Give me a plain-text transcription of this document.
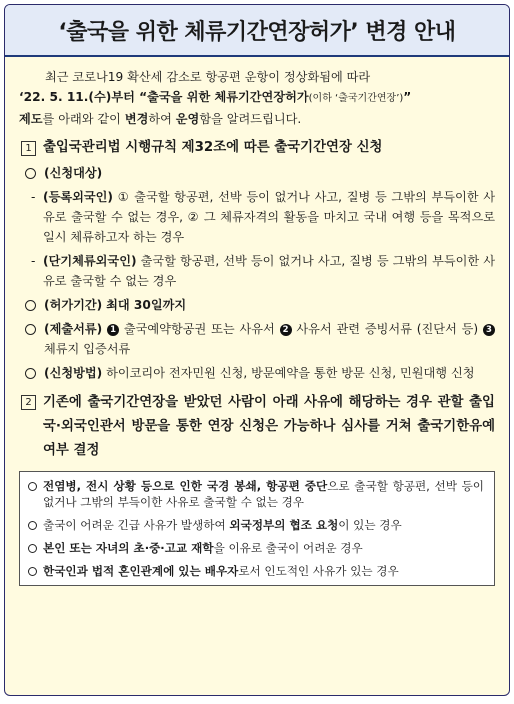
‘출국을 위한 체류기간연장허가’ 변경 안내

최근 코로나19 확산세 감소로 항공편 운항이 정상화됨에 따라

‘22. 5. 11.(수)부터 “출국을 위한 체류기간연장허가(이하 ‘출국기간연장’)”

제도를 아래와 같이 변경하여 운영함을 알려드립니다.

1 출입국관리법 시행규칙 제32조에 따른 출국기간연장 신청
(신청대상)
- (등록외국인) ① 출국할 항공편, 선박 등이 없거나 사고, 질병 등 그밖의 부득이한 사유로 출국할 수 없는 경우, ② 그 체류자격의 활동을 마치고 국내 여행 등을 목적으로 일시 체류하고자 하는 경우
- (단기체류외국인) 출국할 항공편, 선박 등이 없거나 사고, 질병 등 그밖의 부득이한 사유로 출국할 수 없는 경우
(허가기간) 최대 30일까지
(제출서류) 1 출국예약항공권 또는 사유서 2 사유서 관련 증빙서류 (진단서 등) 3 체류지 입증서류
(신청방법) 하이코리아 전자민원 신청, 방문예약을 통한 방문 신청, 민원대행 신청
2 기존에 출국기간연장을 받았던 사람이 아래 사유에 해당하는 경우 관할 출입국·외국인관서 방문을 통한 연장 신청은 가능하나 심사를 거쳐 출국기한유예 여부 결정
전염병, 전시 상황 등으로 인한 국경 봉쇄, 항공편 중단으로 출국할 항공편, 선박 등이 없거나 그밖의 부득이한 사유로 출국할 수 없는 경우
출국이 어려운 긴급 사유가 발생하여 외국정부의 협조 요청이 있는 경우
본인 또는 자녀의 초·중·고교 재학을 이유로 출국이 어려운 경우
한국인과 법적 혼인관계에 있는 배우자로서 인도적인 사유가 있는 경우
